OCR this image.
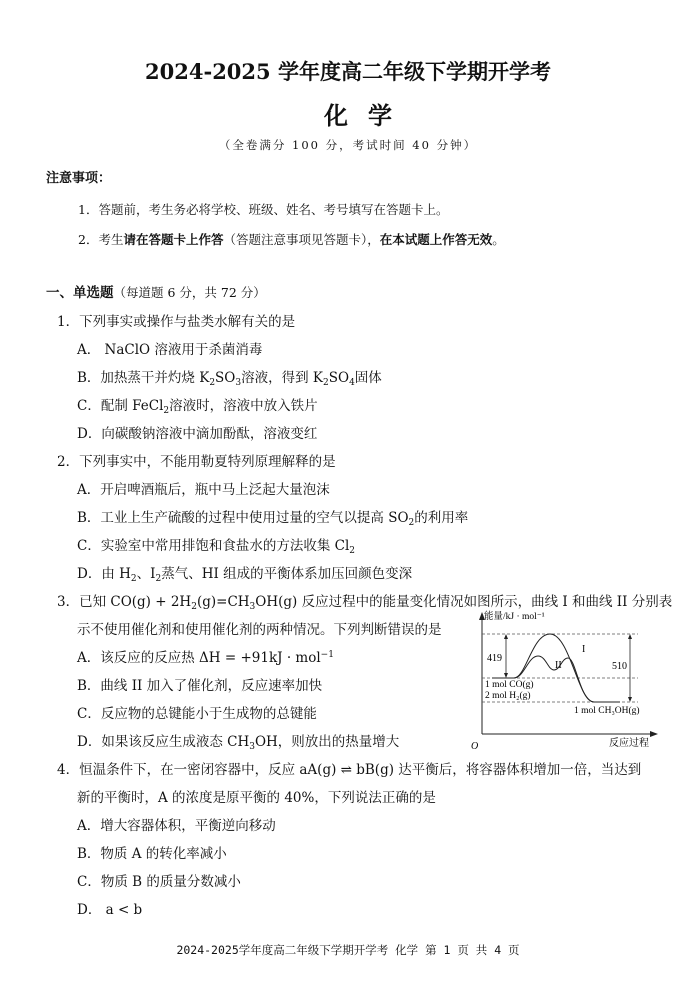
2024-2025 学年度高二年级下学期开学考
化学
（全卷满分 100 分，考试时间 40 分钟）
注意事项：
1．答题前，考生务必将学校、班级、姓名、考号填写在答题卡上。
2．考生请在答题卡上作答（答题注意事项见答题卡），在本试题上作答无效。
一、单选题（每道题 6 分，共 72 分）
1．下列事实或操作与盐类水解有关的是
A． NaClO 溶液用于杀菌消毒
B．加热蒸干并灼烧 $K_2SO_3$溶液，得到 $K_2SO_4$固体
C．配制 FeCl$_2$溶液时，溶液中放入铁片
D．向碳酸钠溶液中滴加酚酞，溶液变红
2．下列事实中，不能用勒夏特列原理解释的是
A．开启啤酒瓶后，瓶中马上泛起大量泡沫
B．工业上生产硫酸的过程中使用过量的空气以提高 $SO_2$的利用率
C．实验室中常用排饱和食盐水的方法收集 $Cl_2$
D．由 $H_2$、$I_2$蒸气、HI 组成的平衡体系加压回颜色变深
3．已知 $CO(g) + 2H_2(g)=CH_3OH(g)$ 反应过程中的能量变化情况如图所示，曲线 I 和曲线 II 分别表
示不使用催化剂和使用催化剂的两种情况。下列判断错误的是
A．该反应的反应热 ΔH = +91kJ · mol$^{-1}$
B．曲线 II 加入了催化剂，反应速率加快
C．反应物的总键能小于生成物的总键能
D．如果该反应生成液态 $CH_3OH$，则放出的热量增大
能量/kJ · mol⁻¹
O	反应过程
419
510
I
II
1 mol CO(g)
2 mol H₂(g)
1 mol CH₃OH(g)
4．恒温条件下，在一密闭容器中，反应 aA(g) ⇌ bB(g) 达平衡后，将容器体积增加一倍，当达到
新的平衡时，A 的浓度是原平衡的 40%，下列说法正确的是
A．增大容器体积，平衡逆向移动
B．物质 A 的转化率减小
C．物质 B 的质量分数减小
D． a < b
2024-2025学年度高二年级下学期开学考 化学 第 1 页 共 4 页
